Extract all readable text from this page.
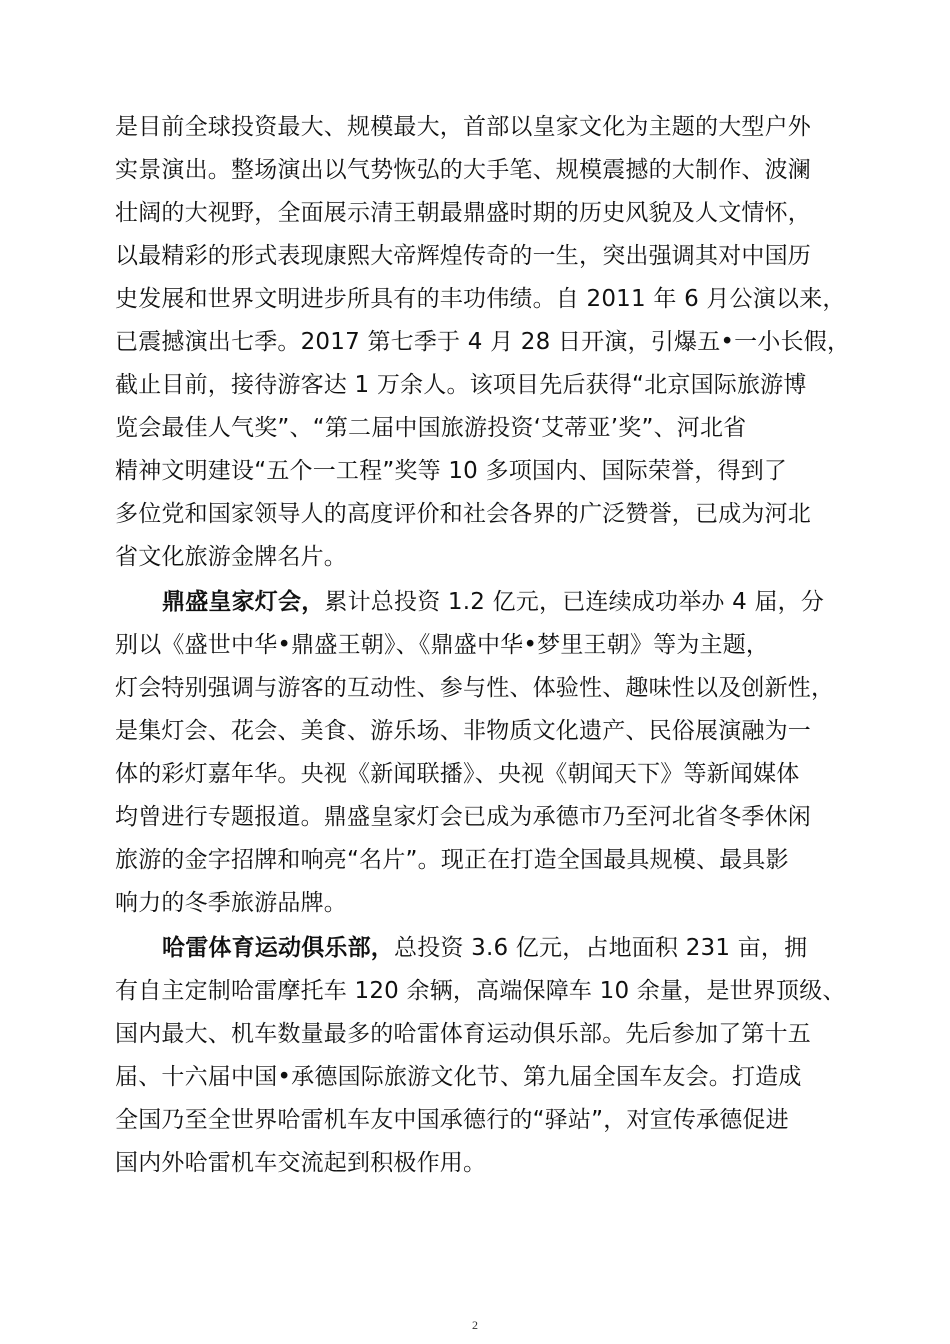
是目前全球投资最大、规模最大，首部以皇家文化为主题的大型户外
实景演出。整场演出以气势恢弘的大手笔、规模震撼的大制作、波澜
壮阔的大视野，全面展示清王朝最鼎盛时期的历史风貌及人文情怀，
以最精彩的形式表现康熙大帝辉煌传奇的一生，突出强调其对中国历
史发展和世界文明进步所具有的丰功伟绩。自 2011 年 6 月公演以来，
已震撼演出七季。2017 第七季于 4 月 28 日开演，引爆五•一小长假，
截止目前，接待游客达 1 万余人。该项目先后获得“北京国际旅游博
览会最佳人气奖”、“第二届中国旅游投资‘艾蒂亚’奖”、河北省
精神文明建设“五个一工程”奖等 10 多项国内、国际荣誉，得到了
多位党和国家领导人的高度评价和社会各界的广泛赞誉，已成为河北
省文化旅游金牌名片。
鼎盛皇家灯会，累计总投资 1.2 亿元，已连续成功举办 4 届，分
别以《盛世中华•鼎盛王朝》、《鼎盛中华•梦里王朝》等为主题，
灯会特别强调与游客的互动性、参与性、体验性、趣味性以及创新性，
是集灯会、花会、美食、游乐场、非物质文化遗产、民俗展演融为一
体的彩灯嘉年华。央视《新闻联播》、央视《朝闻天下》等新闻媒体
均曾进行专题报道。鼎盛皇家灯会已成为承德市乃至河北省冬季休闲
旅游的金字招牌和响亮“名片”。现正在打造全国最具规模、最具影
响力的冬季旅游品牌。
哈雷体育运动俱乐部，总投资 3.6 亿元，占地面积 231 亩，拥
有自主定制哈雷摩托车 120 余辆，高端保障车 10 余量，是世界顶级、
国内最大、机车数量最多的哈雷体育运动俱乐部。先后参加了第十五
届、十六届中国•承德国际旅游文化节、第九届全国车友会。打造成
全国乃至全世界哈雷机车友中国承德行的“驿站”，对宣传承德促进
国内外哈雷机车交流起到积极作用。
2
